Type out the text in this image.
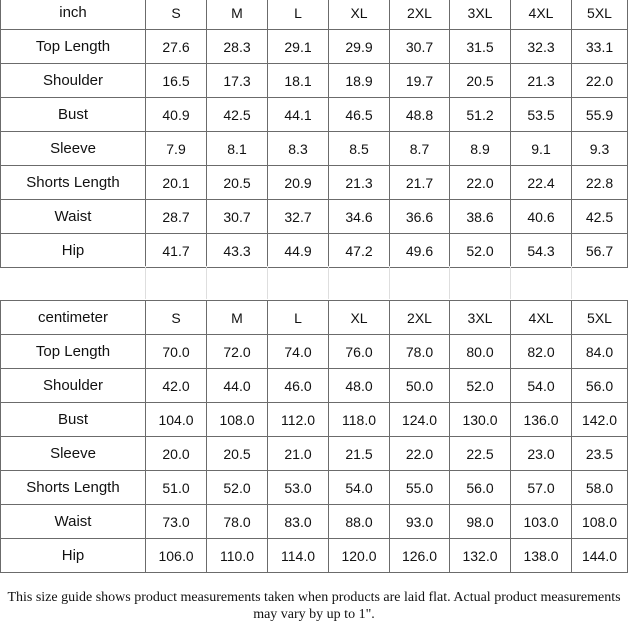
inch	S	M	L	XL	2XL	3XL	4XL	5XL
Top Length	27.6	28.3	29.1	29.9	30.7	31.5	32.3	33.1
Shoulder	16.5	17.3	18.1	18.9	19.7	20.5	21.3	22.0
Bust	40.9	42.5	44.1	46.5	48.8	51.2	53.5	55.9
Sleeve	7.9	8.1	8.3	8.5	8.7	8.9	9.1	9.3
Shorts Length	20.1	20.5	20.9	21.3	21.7	22.0	22.4	22.8
Waist	28.7	30.7	32.7	34.6	36.6	38.6	40.6	42.5
Hip	41.7	43.3	44.9	47.2	49.6	52.0	54.3	56.7
centimeter	S	M	L	XL	2XL	3XL	4XL	5XL
Top Length	70.0	72.0	74.0	76.0	78.0	80.0	82.0	84.0
Shoulder	42.0	44.0	46.0	48.0	50.0	52.0	54.0	56.0
Bust	104.0	108.0	112.0	118.0	124.0	130.0	136.0	142.0
Sleeve	20.0	20.5	21.0	21.5	22.0	22.5	23.0	23.5
Shorts Length	51.0	52.0	53.0	54.0	55.0	56.0	57.0	58.0
Waist	73.0	78.0	83.0	88.0	93.0	98.0	103.0	108.0
Hip	106.0	110.0	114.0	120.0	126.0	132.0	138.0	144.0
This size guide shows product measurements taken when products are laid flat. Actual product measurements may vary by up to 1".
